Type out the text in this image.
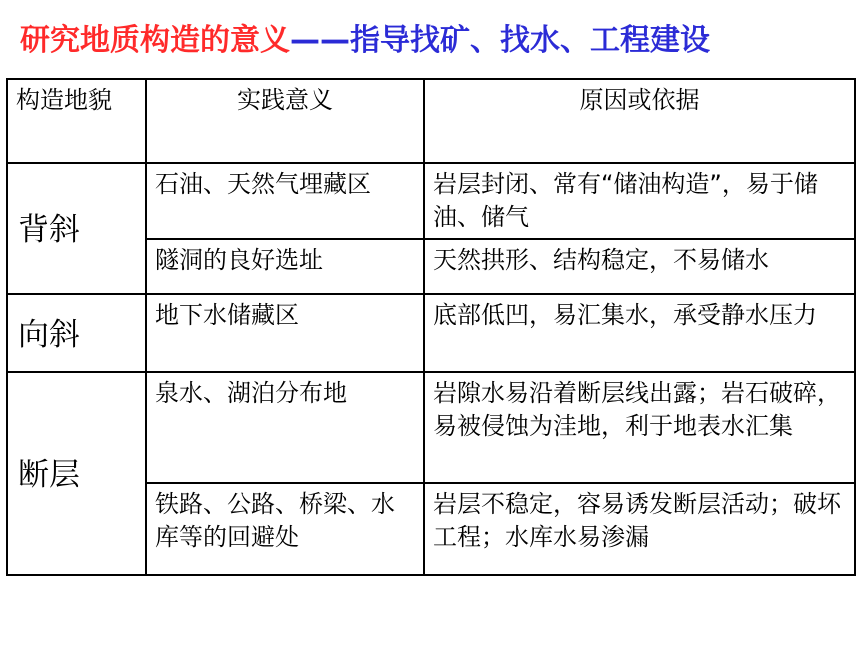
研究地质构造的意义——指导找矿、找水、工程建设
构造地貌	实践意义	原因或依据
背斜	石油、天然气埋藏区	岩层封闭、常有“储油构造”，易于储油、储气
	隧洞的良好选址	天然拱形、结构稳定，不易储水
向斜	地下水储藏区	底部低凹，易汇集水，承受静水压力
断层	泉水、湖泊分布地	岩隙水易沿着断层线出露；岩石破碎，易被侵蚀为洼地，利于地表水汇集
	铁路、公路、桥梁、水库等的回避处	岩层不稳定，容易诱发断层活动；破坏工程；水库水易渗漏
